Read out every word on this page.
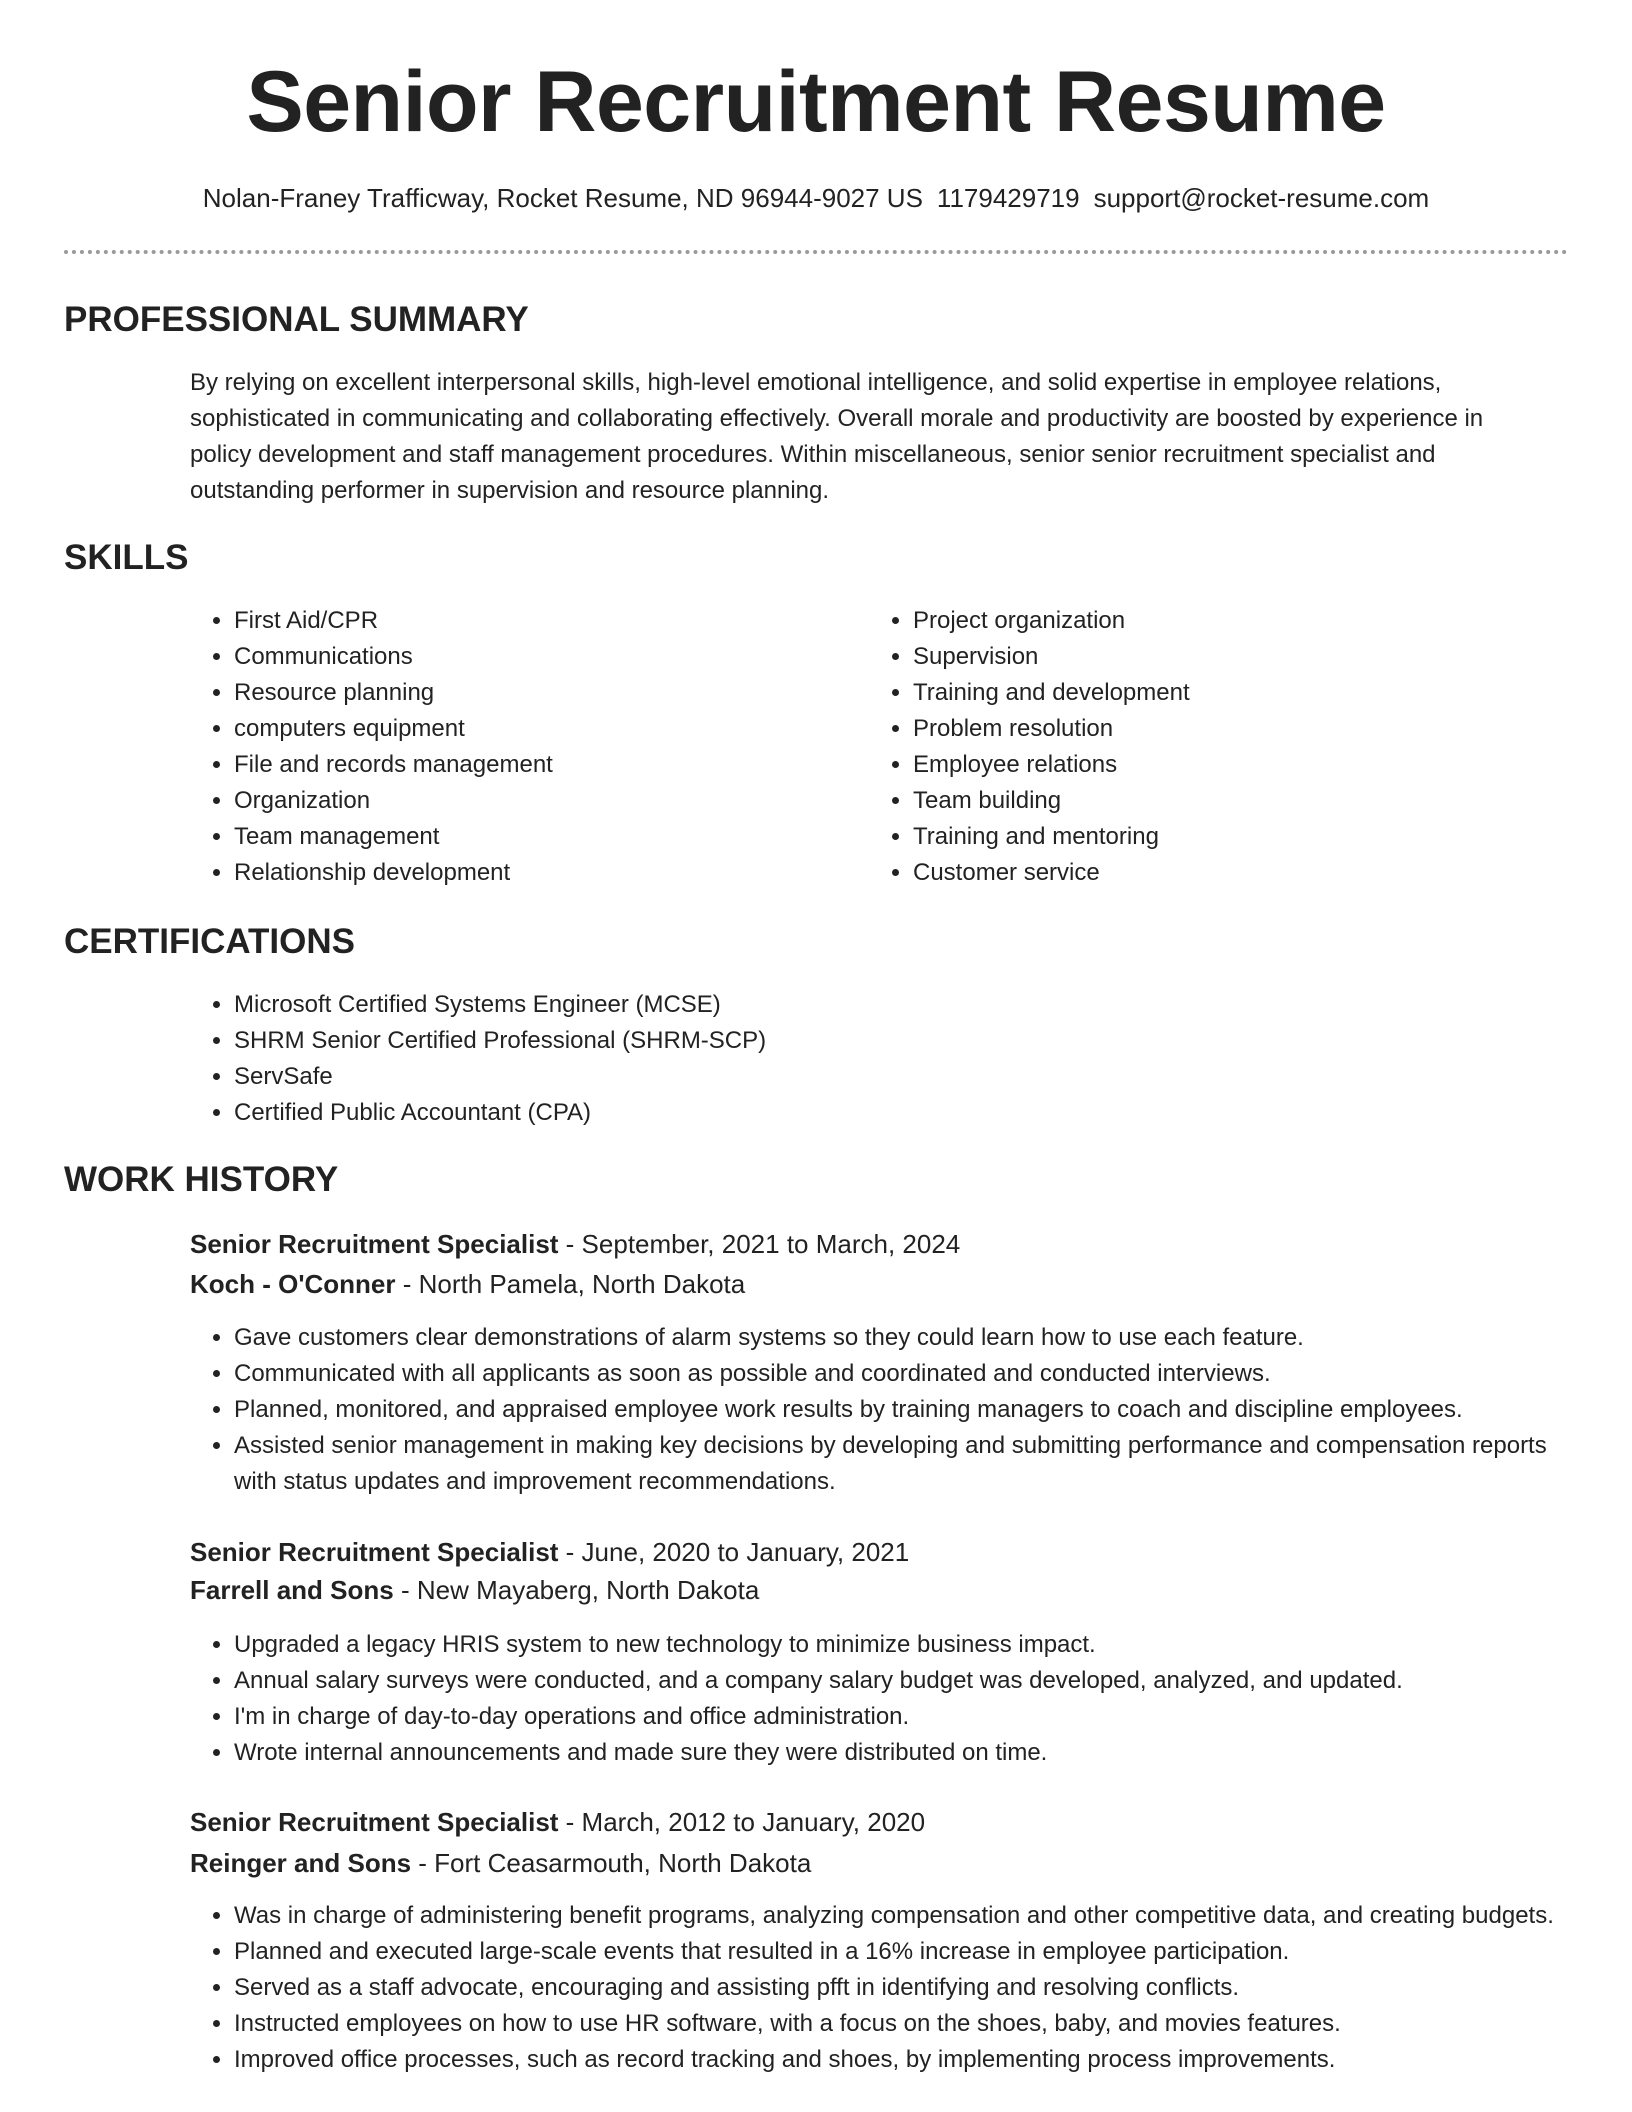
Senior Recruitment Resume
Nolan-Franey Trafficway, Rocket Resume, ND 96944-9027 US 1179429719 support@rocket-resume.com
PROFESSIONAL SUMMARY
By relying on excellent interpersonal skills, high-level emotional intelligence, and solid expertise in employee relations, sophisticated in communicating and collaborating effectively. Overall morale and productivity are boosted by experience in policy development and staff management procedures. Within miscellaneous, senior senior recruitment specialist and outstanding performer in supervision and resource planning.
SKILLS
• First Aid/CPR
• Communications
• Resource planning
• computers equipment
• File and records management
• Organization
• Team management
• Relationship development
• Project organization
• Supervision
• Training and development
• Problem resolution
• Employee relations
• Team building
• Training and mentoring
• Customer service
CERTIFICATIONS
• Microsoft Certified Systems Engineer (MCSE)
• SHRM Senior Certified Professional (SHRM-SCP)
• ServSafe
• Certified Public Accountant (CPA)
WORK HISTORY
Senior Recruitment Specialist - September, 2021 to March, 2024
Koch - O'Conner - North Pamela, North Dakota
• Gave customers clear demonstrations of alarm systems so they could learn how to use each feature.
• Communicated with all applicants as soon as possible and coordinated and conducted interviews.
• Planned, monitored, and appraised employee work results by training managers to coach and discipline employees.
• Assisted senior management in making key decisions by developing and submitting performance and compensation reports with status updates and improvement recommendations.
Senior Recruitment Specialist - June, 2020 to January, 2021
Farrell and Sons - New Mayaberg, North Dakota
• Upgraded a legacy HRIS system to new technology to minimize business impact.
• Annual salary surveys were conducted, and a company salary budget was developed, analyzed, and updated.
• I'm in charge of day-to-day operations and office administration.
• Wrote internal announcements and made sure they were distributed on time.
Senior Recruitment Specialist - March, 2012 to January, 2020
Reinger and Sons - Fort Ceasarmouth, North Dakota
• Was in charge of administering benefit programs, analyzing compensation and other competitive data, and creating budgets.
• Planned and executed large-scale events that resulted in a 16% increase in employee participation.
• Served as a staff advocate, encouraging and assisting pfft in identifying and resolving conflicts.
• Instructed employees on how to use HR software, with a focus on the shoes, baby, and movies features.
• Improved office processes, such as record tracking and shoes, by implementing process improvements.
